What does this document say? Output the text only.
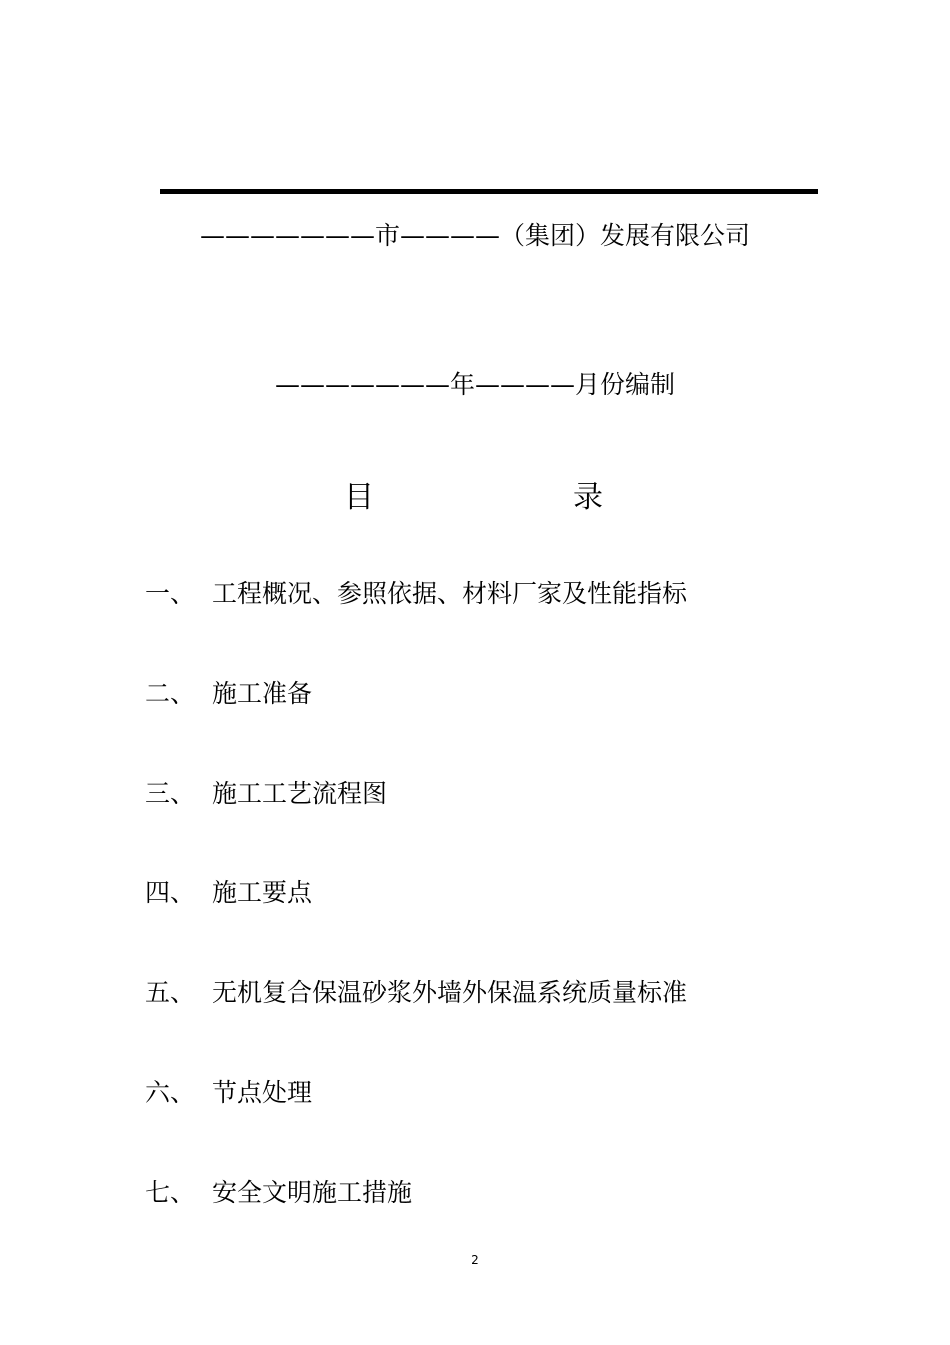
———————市————（集团）发展有限公司
———————年————月份编制
目	录
一、 工程概况、参照依据、材料厂家及性能指标
二、 施工准备
三、 施工工艺流程图
四、 施工要点
五、 无机复合保温砂浆外墙外保温系统质量标准
六、 节点处理
七、 安全文明施工措施
2
